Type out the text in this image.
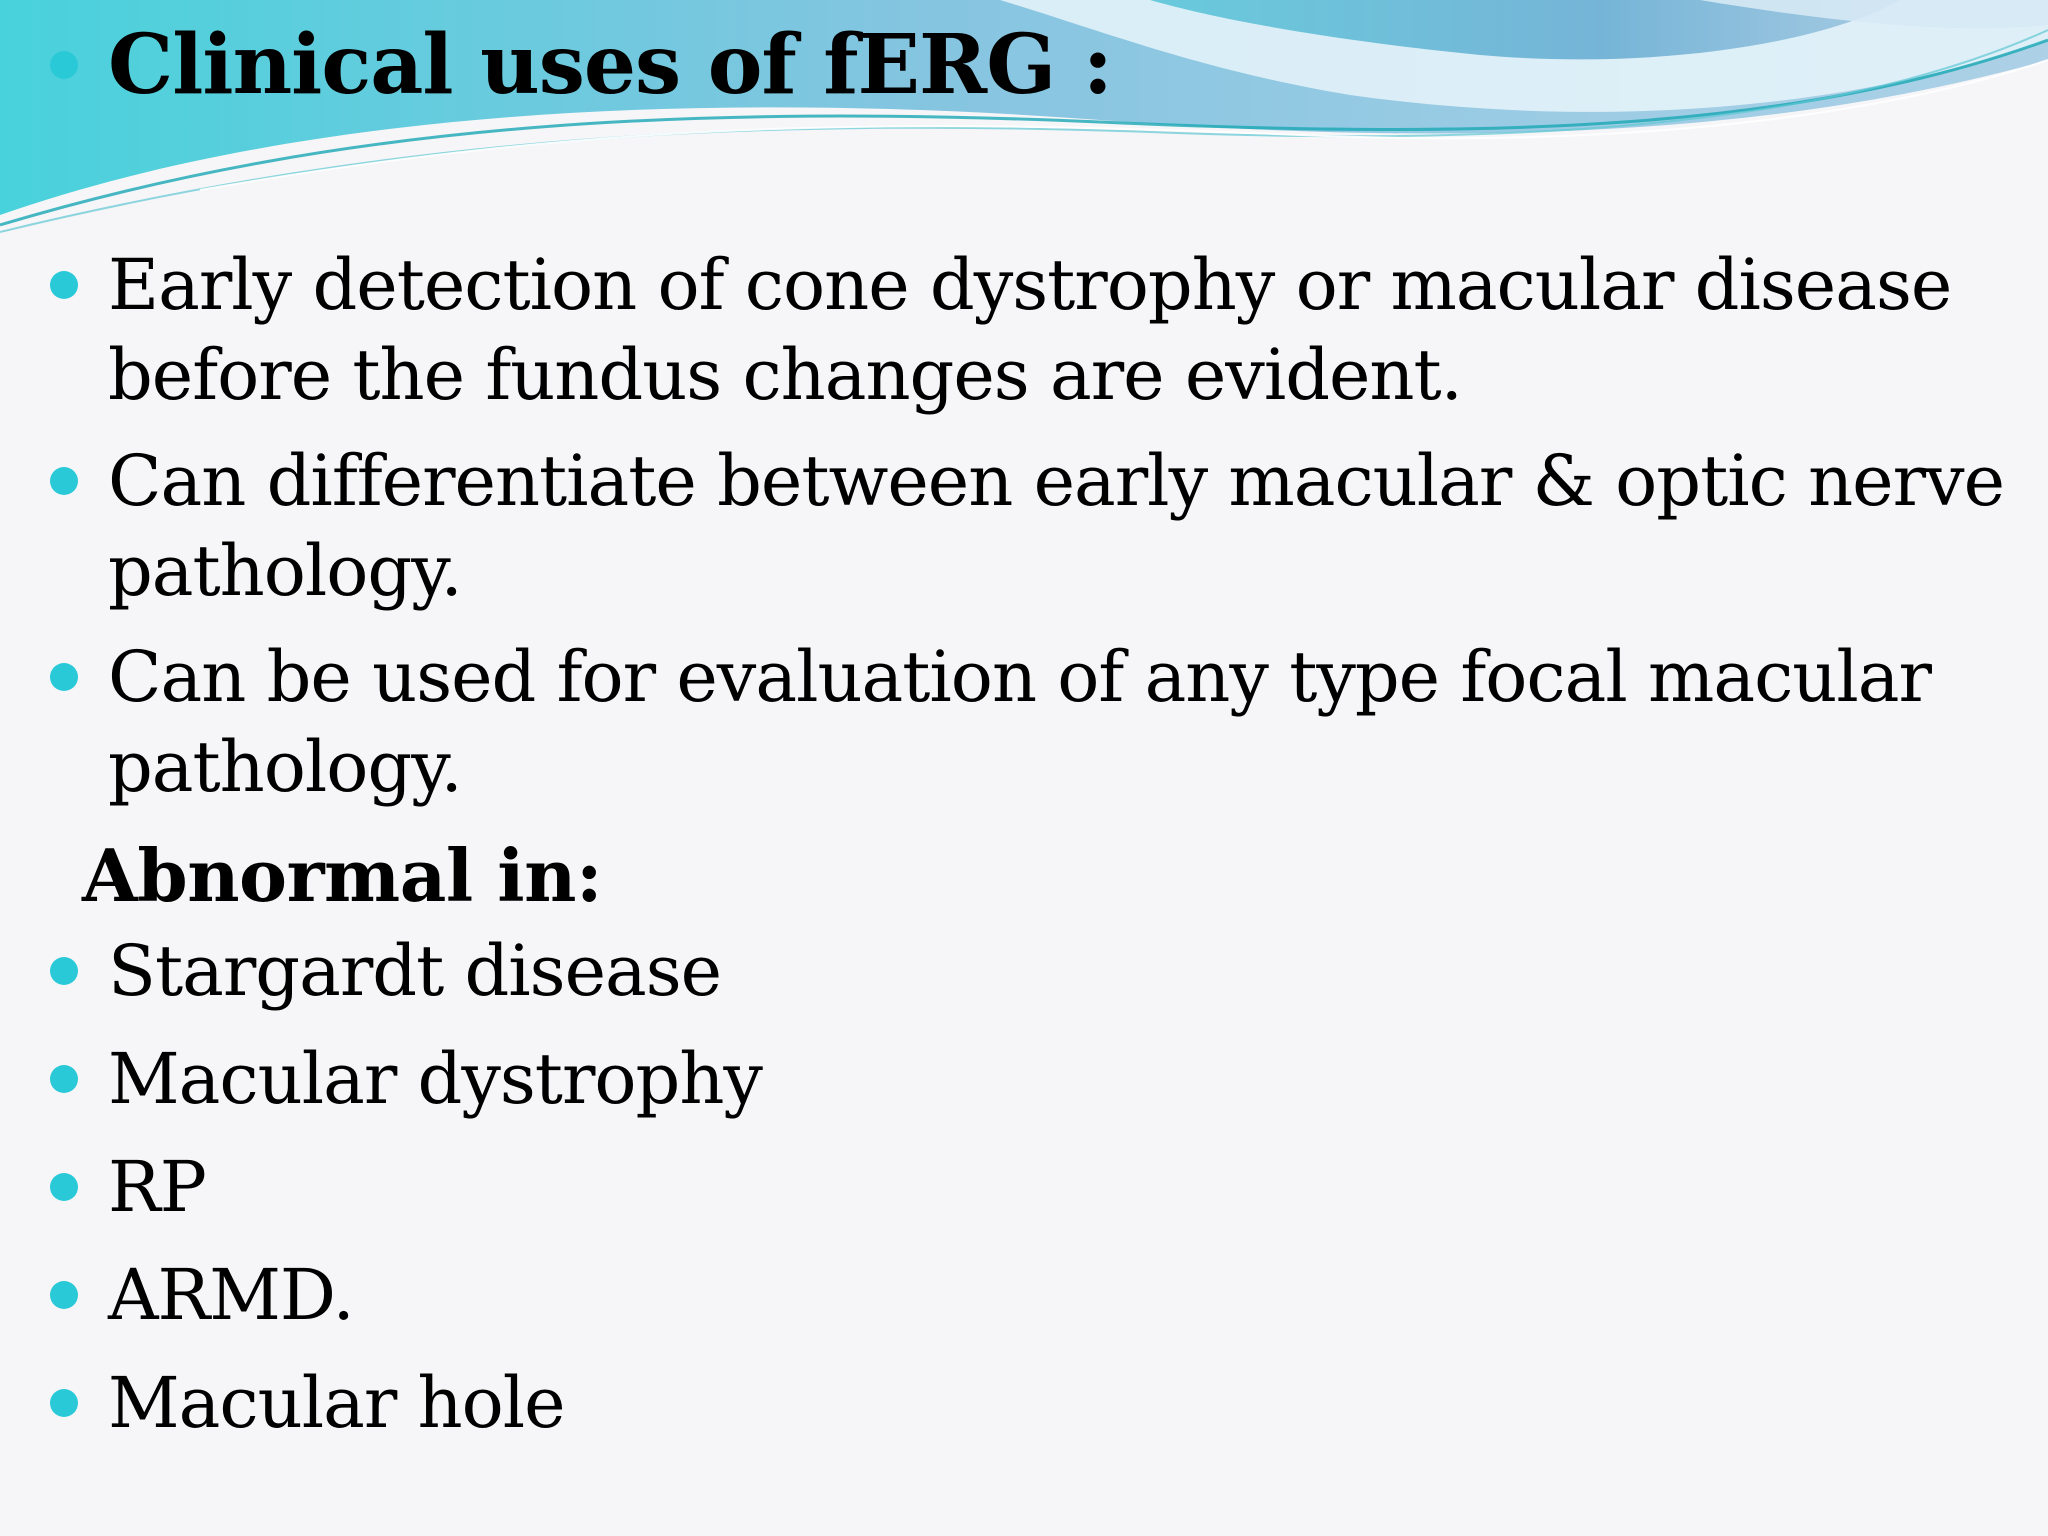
Clinical uses of fERG :
Early detection of cone dystrophy or macular disease before the fundus changes are evident.
Can differentiate between early macular & optic nerve pathology.
Can be used for evaluation of any type focal macular pathology.
Abnormal in:
Stargardt disease
Macular dystrophy
RP
ARMD.
Macular hole
